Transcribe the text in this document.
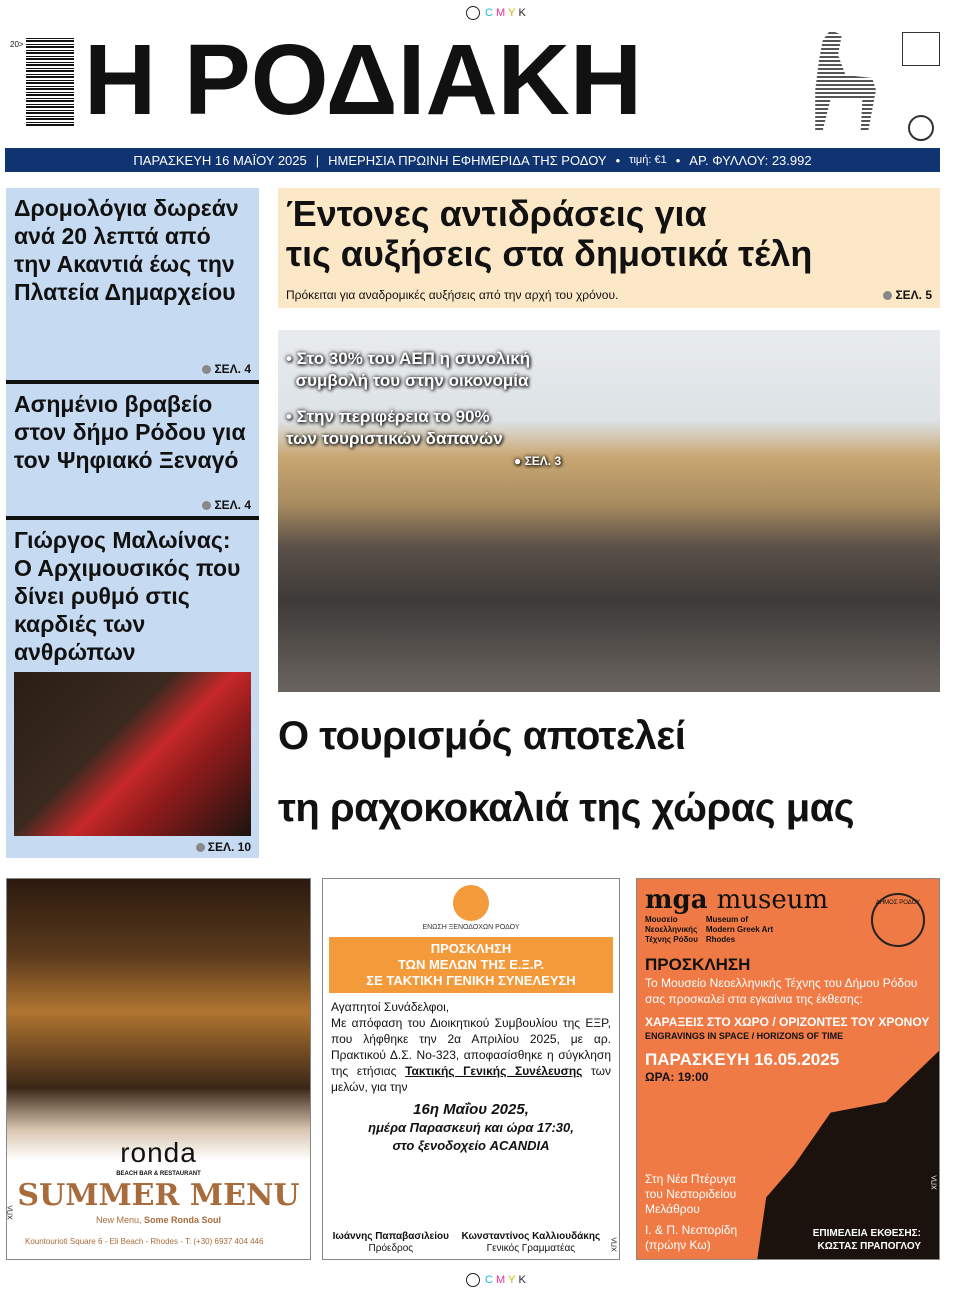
C M Y K
20> Η ΡΟΔΙΑΚΗ
ΠΑΡΑΣΚΕΥΗ 16 ΜΑΪΟΥ 2025 | ΗΜΕΡΗΣΙΑ ΠΡΩΙΝΗ ΕΦΗΜΕΡΙΔΑ ΤΗΣ ΡΟΔΟΥ • τιμή: €1 • ΑΡ. ΦΥΛΛΟΥ: 23.992
Δρομολόγια δωρεάν ανά 20 λεπτά από την Ακαντιά έως την Πλατεία Δημαρχείου
ΣΕΛ. 4
Ασημένιο βραβείο στον δήμο Ρόδου για τον Ψηφιακό Ξεναγό
ΣΕΛ. 4
Γιώργος Μαλωίνας: Ο Αρχιμουσικός που δίνει ρυθμό στις καρδιές των ανθρώπων
ΣΕΛ. 10
Έντονες αντιδράσεις για
τις αυξήσεις στα δημοτικά τέλη
Πρόκειται για αναδρομικές αυξήσεις από την αρχή του χρόνου.	ΣΕΛ. 5
• Στο 30% του ΑΕΠ η συνολική
συμβολή του στην οικονομία
• Στην περιφέρεια το 90%
των τουριστικών δαπανών
● ΣΕΛ. 3
Ο τουρισμός αποτελεί
τη ραχοκοκαλιά της χώρας μας
ronda
BEACH BAR & RESTAURANT
SUMMER MENU
New Menu, Some Ronda Soul
Kountourioti Square 6 - Eli Beach - Rhodes - T: (+30) 6937 404 446
ΧΠΛ
ΕΝΩΣΗ ΞΕΝΟΔΟΧΩΝ ΡΟΔΟΥ
ΠΡΟΣΚΛΗΣΗ
ΤΩΝ ΜΕΛΩΝ ΤΗΣ Ε.Ξ.Ρ.
ΣΕ ΤΑΚΤΙΚΗ ΓΕΝΙΚΗ ΣΥΝΕΛΕΥΣΗ
Αγαπητοί Συνάδελφοι,
Με απόφαση του Διοικητικού Συμβουλίου της ΕΞΡ, που λήφθηκε την 2α Απριλίου 2025, με αρ. Πρακτικού Δ.Σ. Νο-323, αποφασίσθηκε η σύγκληση της ετήσιας Τακτικής Γενικής Συνέλευσης των μελών, για την
16η Μαΐου 2025,
ημέρα Παρασκευή και ώρα 17:30,
στο ξενοδοχείο ACANDIA
Ιωάννης Παπαβασιλείου
Πρόεδρος
Κωνσταντίνος Καλλιουδάκης
Γενικός Γραμματέας	ΧΠΛ
ΔΗΜΟΣ ΡΟΔΟΥ
mga museum
Μουσείο
Νεοελληνικής
Τέχνης Ρόδου
Museum of
Modern Greek Art
Rhodes
ΠΡΟΣΚΛΗΣΗ
Το Μουσείο Νεοελληνικής Τέχνης του Δήμου Ρόδου σας προσκαλεί στα εγκαίνια της έκθεσης:
ΧΑΡΑΞΕΙΣ ΣΤΟ ΧΩΡΟ / ΟΡΙΖΟΝΤΕΣ ΤΟΥ ΧΡΟΝΟΥ
ENGRAVINGS IN SPACE / HORIZONS OF TIME
ΠΑΡΑΣΚΕΥΗ 16.05.2025
ΩΡΑ: 19:00
Στη Νέα Πτέρυγα του Νεστοριδείου Μελάθρου
Ι. & Π. Νεστορίδη (πρώην Κω)
ΕΠΙΜΕΛΕΙΑ ΕΚΘΕΣΗΣ:
ΚΩΣΤΑΣ ΠΡΑΠΟΓΛΟΥ
ΧΠΛ
C M Y K
